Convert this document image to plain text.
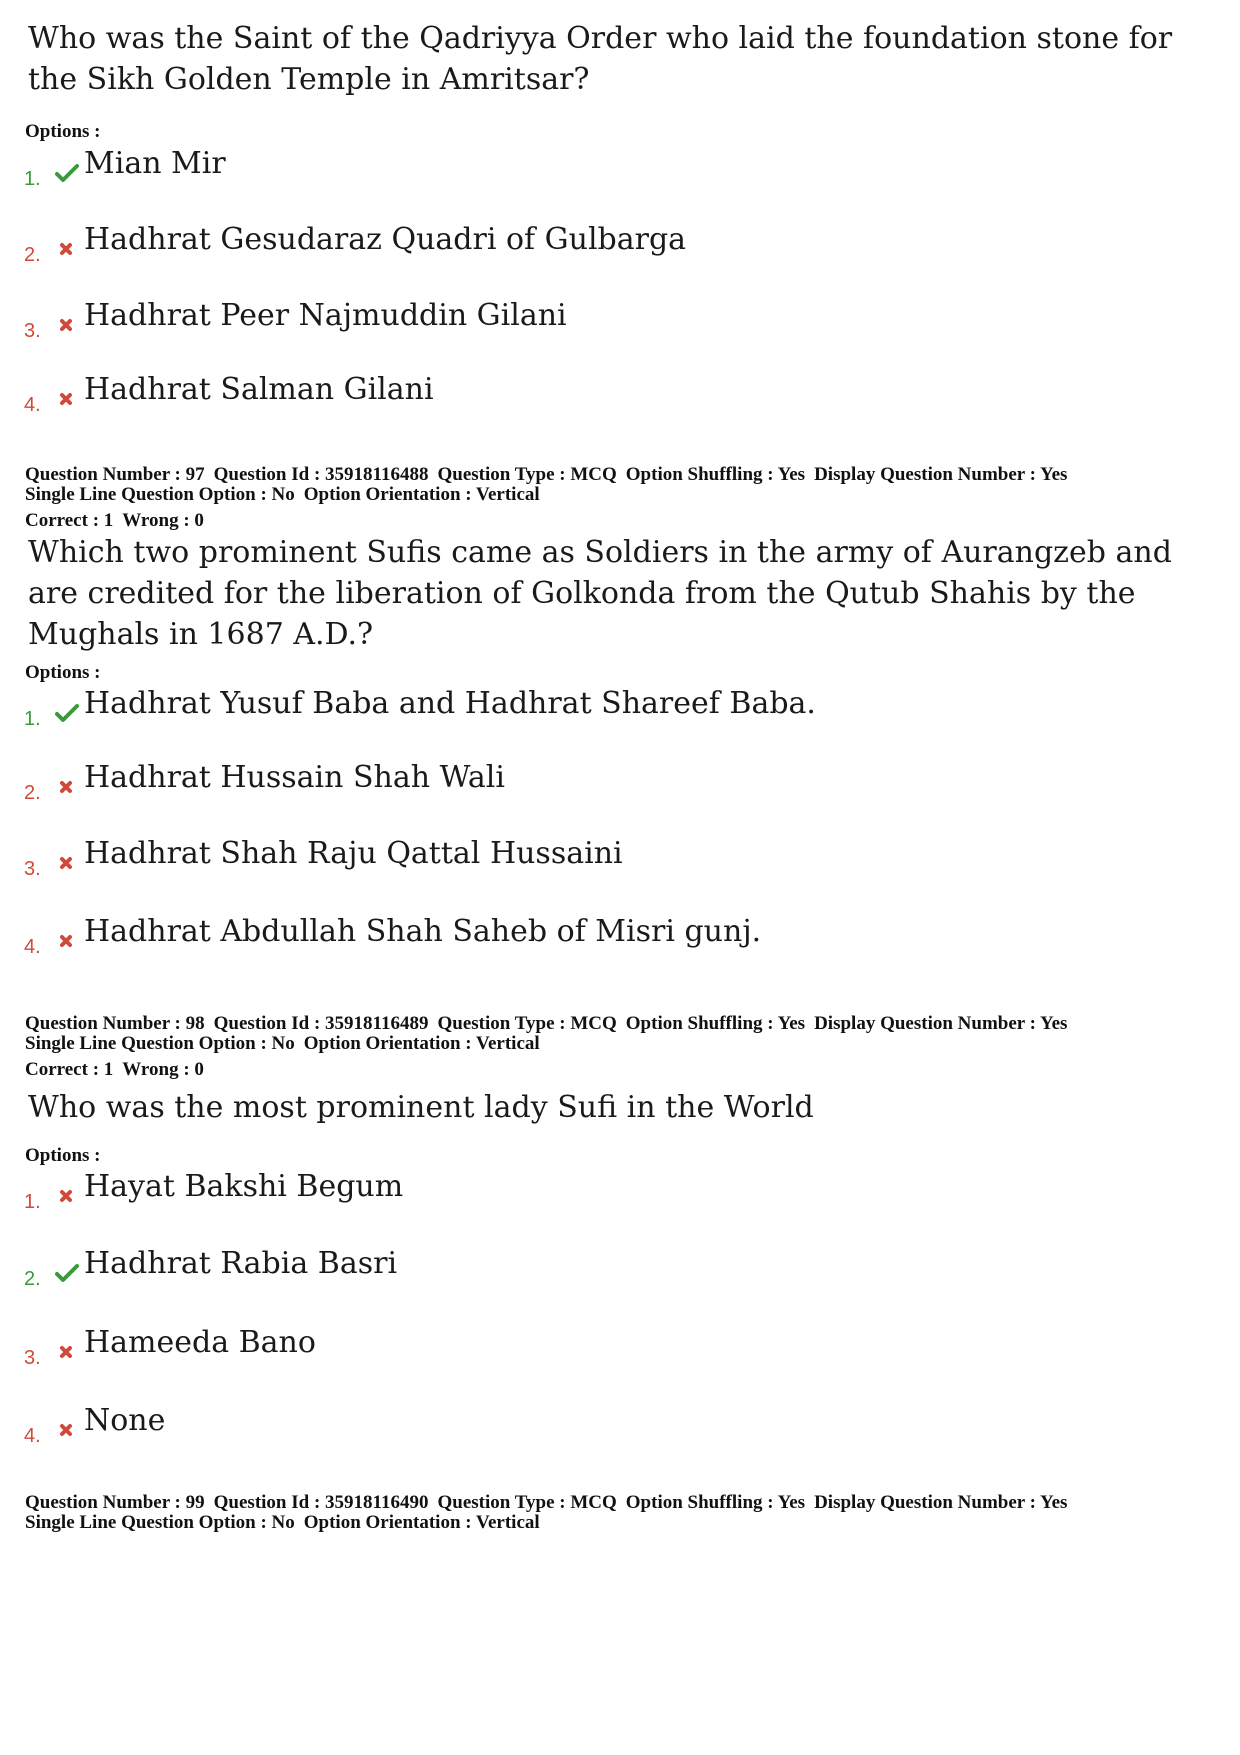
Who was the Saint of the Qadriyya Order who laid the foundation stone for the Sikh Golden Temple in Amritsar?
Options :
1. Mian Mir
2. Hadhrat Gesudaraz Quadri of Gulbarga
3. Hadhrat Peer Najmuddin Gilani
4. Hadhrat Salman Gilani
Question Number : 97 Question Id : 35918116488 Question Type : MCQ Option Shuffling : Yes Display Question Number : Yes
Single Line Question Option : No Option Orientation : Vertical
Correct : 1 Wrong : 0
Which two prominent Sufis came as Soldiers in the army of Aurangzeb and are credited for the liberation of Golkonda from the Qutub Shahis by the Mughals in 1687 A.D.?
Options :
1. Hadhrat Yusuf Baba and Hadhrat Shareef Baba.
2. Hadhrat Hussain Shah Wali
3. Hadhrat Shah Raju Qattal Hussaini
4. Hadhrat Abdullah Shah Saheb of Misri gunj.
Question Number : 98 Question Id : 35918116489 Question Type : MCQ Option Shuffling : Yes Display Question Number : Yes
Single Line Question Option : No Option Orientation : Vertical
Correct : 1 Wrong : 0
Who was the most prominent lady Sufi in the World
Options :
1. Hayat Bakshi Begum
2. Hadhrat Rabia Basri
3. Hameeda Bano
4. None
Question Number : 99 Question Id : 35918116490 Question Type : MCQ Option Shuffling : Yes Display Question Number : Yes
Single Line Question Option : No Option Orientation : Vertical
